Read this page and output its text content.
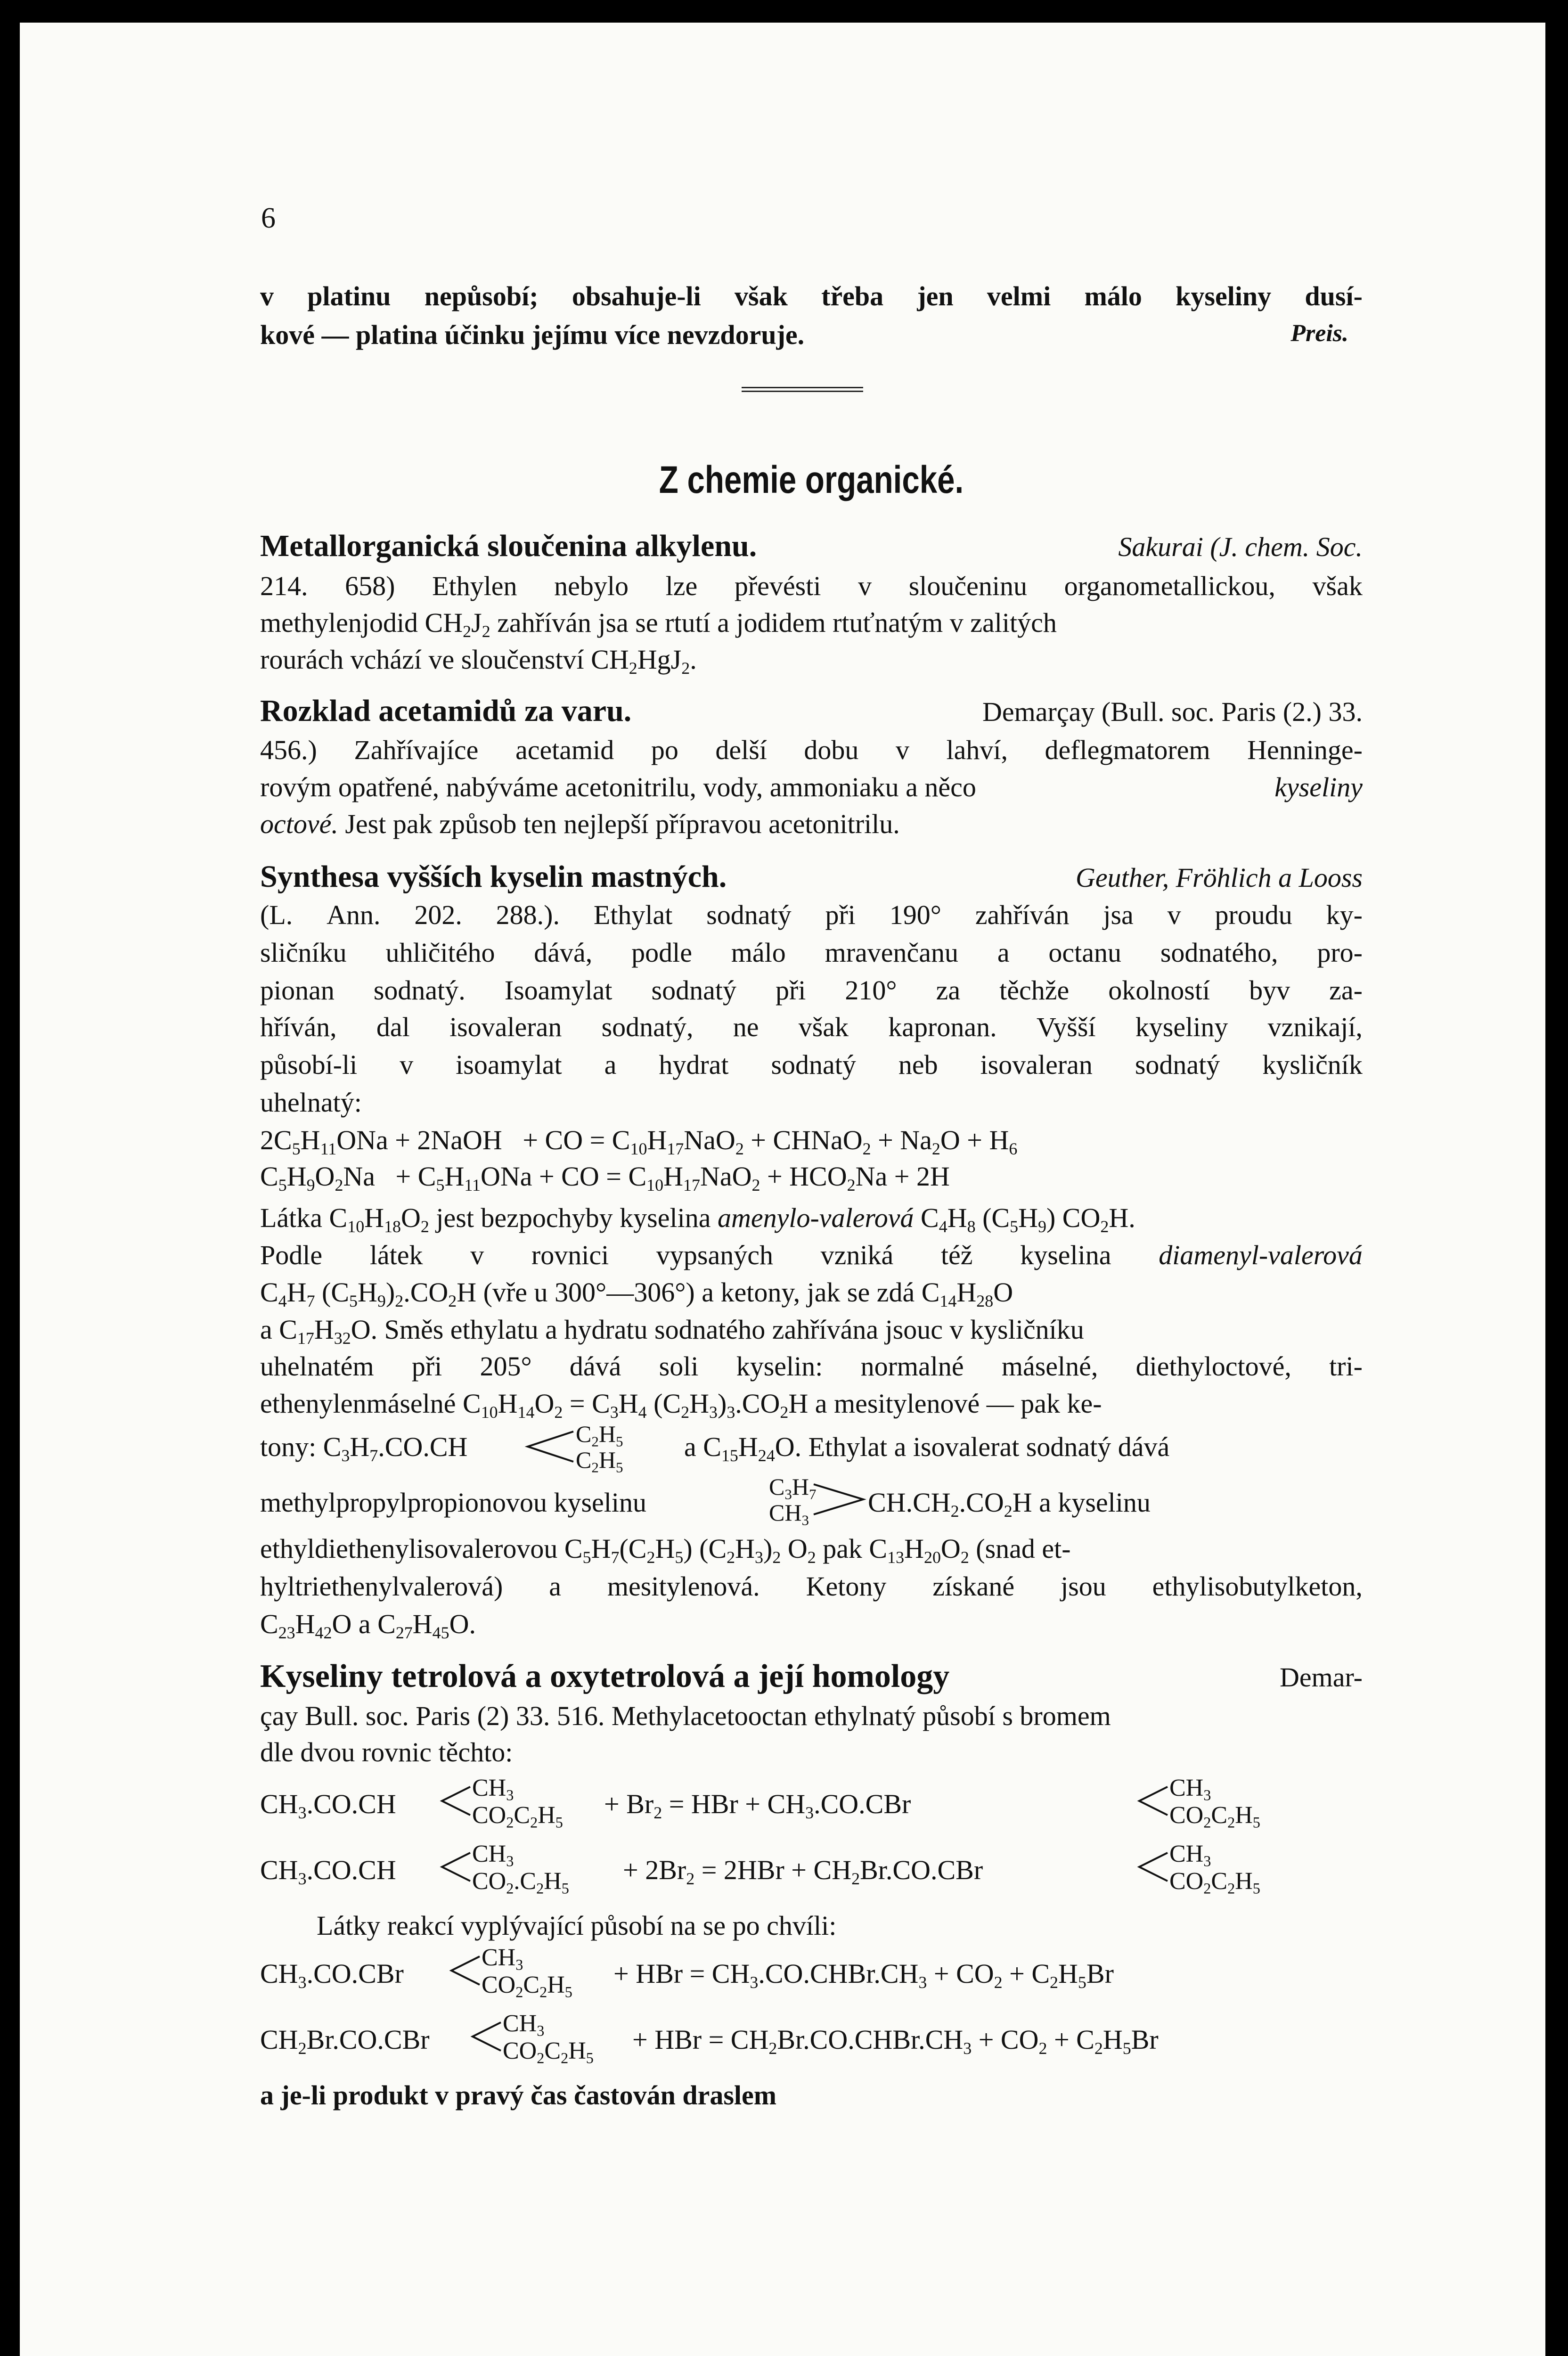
6
v platinu nepůsobí; obsahuje-li však třeba jen velmi málo kyseliny dusí-
kové — platina účinku jejímu více nevzdoruje.	Preis.
Z chemie organické.
Metallorganická sloučenina alkylenu.	Sakurai (J. chem. Soc.
214. 658) Ethylen nebylo lze převésti v sloučeninu organometallickou, však
methylenjodid $CH_2J_2$ zahříván jsa se rtutí a jodidem rtuťnatým v zalitých
rourách vchází ve sloučenství $CH_2HgJ_2$.
Rozklad acetamidů za varu.	Demarçay (Bull. soc. Paris (2.) 33.
456.) Zahřívajíce acetamid po delší dobu v lahví, deflegmatorem Henninge-
rovým opatřené, nabýváme acetonitrilu, vody, ammoniaku a něco	kyseliny
octové. Jest pak způsob ten nejlepší přípravou acetonitrilu.
Synthesa vyšších kyselin mastných.	Geuther, Fröhlich a Looss
(L. Ann. 202. 288.). Ethylat sodnatý při 190° zahříván jsa v proudu ky-
sličníku uhličitého dává, podle málo mravenčanu a octanu sodnatého, pro-
pionan sodnatý. Isoamylat sodnatý při 210° za těchže okolností byv za-
hříván, dal isovaleran sodnatý, ne však kapronan. Vyšší kyseliny vznikají,
působí-li v isoamylat a hydrat sodnatý neb isovaleran sodnatý kysličník
uhelnatý:
$2C_5H_{11}ONa$ + 2NaOH   + CO = $C_{10}H_{17}NaO_2$ + CHNaO$_2$ + $Na_2O + H_6$
$C_5H_9O_2Na + C_5H_{11}ONa$ + CO = $C_{10}H_{17}NaO_2 + HCO_2Na + 2H$
Látka $C_{10}H_{18}O_2$ jest bezpochyby kyselina amenylo-valerová $C_4H_8$ $(C_5H_9)$ $CO_2H$.
Podle látek v rovnici vypsaných vzniká též kyselina diamenyl-valerová
$C_4H_7$ $(C_5H_9)_2.CO_2H$ (vře u 300°—306°) a ketony, jak se zdá $C_{14}H_{28}O$
a $C_{17}H_{32}O$. Směs ethylatu a hydratu sodnatého zahřívána jsouc v kysličníku
uhelnatém při 205° dává soli kyselin: normalné máselné, diethyloctové, tri-
ethenylenmáselné $C_{10}H_{14}O_2 = C_3H_4$ $(C_2H_3)_3.CO_2H$ a mesitylenové — pak ke-
tony: $C_3H_7.CO.CH$	$C_2H_5$
$C_2H_5$
a $C_{15}H_{24}O$. Ethylat a isovalerat sodnatý dává
methylpropylpropionovou kyselinu
$C_3H_7$
$CH_3$
$CH.CH_2.CO_2H$ a kyselinu
ethyldiethenylisovalerovou $C_5H_7(C_2H_5)$ $(C_2H_3)_2$ $O_2$ pak $C_{13}H_{20}O_2$ (snad et-
hyltriethenylvalerová) a mesitylenová. Ketony získané jsou ethylisobutylketon,
$C_{23}H_{42}O$ a $C_{27}H_{45}O$.
Kyseliny tetrolová a oxytetrolová a její homology	Demar-
çay Bull. soc. Paris (2) 33. 516. Methylacetooctan ethylnatý působí s bromem
dle dvou rovnic těchto:
$CH_3.CO.CH$
$CH_3$
$CO_2C_2H_5$
+ $Br_2$ = HBr + $CH_3.CO.CBr$
$CH_3$
$CO_2C_2H_5$
$CH_3.CO.CH$
$CH_3$
$CO_2.C_2H_5$
+ $2Br_2 = 2HBr + CH_2Br.CO.CBr$
$CH_3$
$CO_2C_2H_5$
Látky reakcí vyplývající působí na se po chvíli:
$CH_3.CO.CBr$
$CH_3$
$CO_2C_2H_5$
+ HBr = $CH_3.CO.CHBr.CH_3 + CO_2 + C_2H_5Br$
$CH_2Br.CO.CBr$
$CH_3$
$CO_2C_2H_5$
+ HBr = $CH_2Br.CO.CHBr.CH_3 + CO_2 + C_2H_5Br$
a je-li produkt v pravý čas častován draslem
